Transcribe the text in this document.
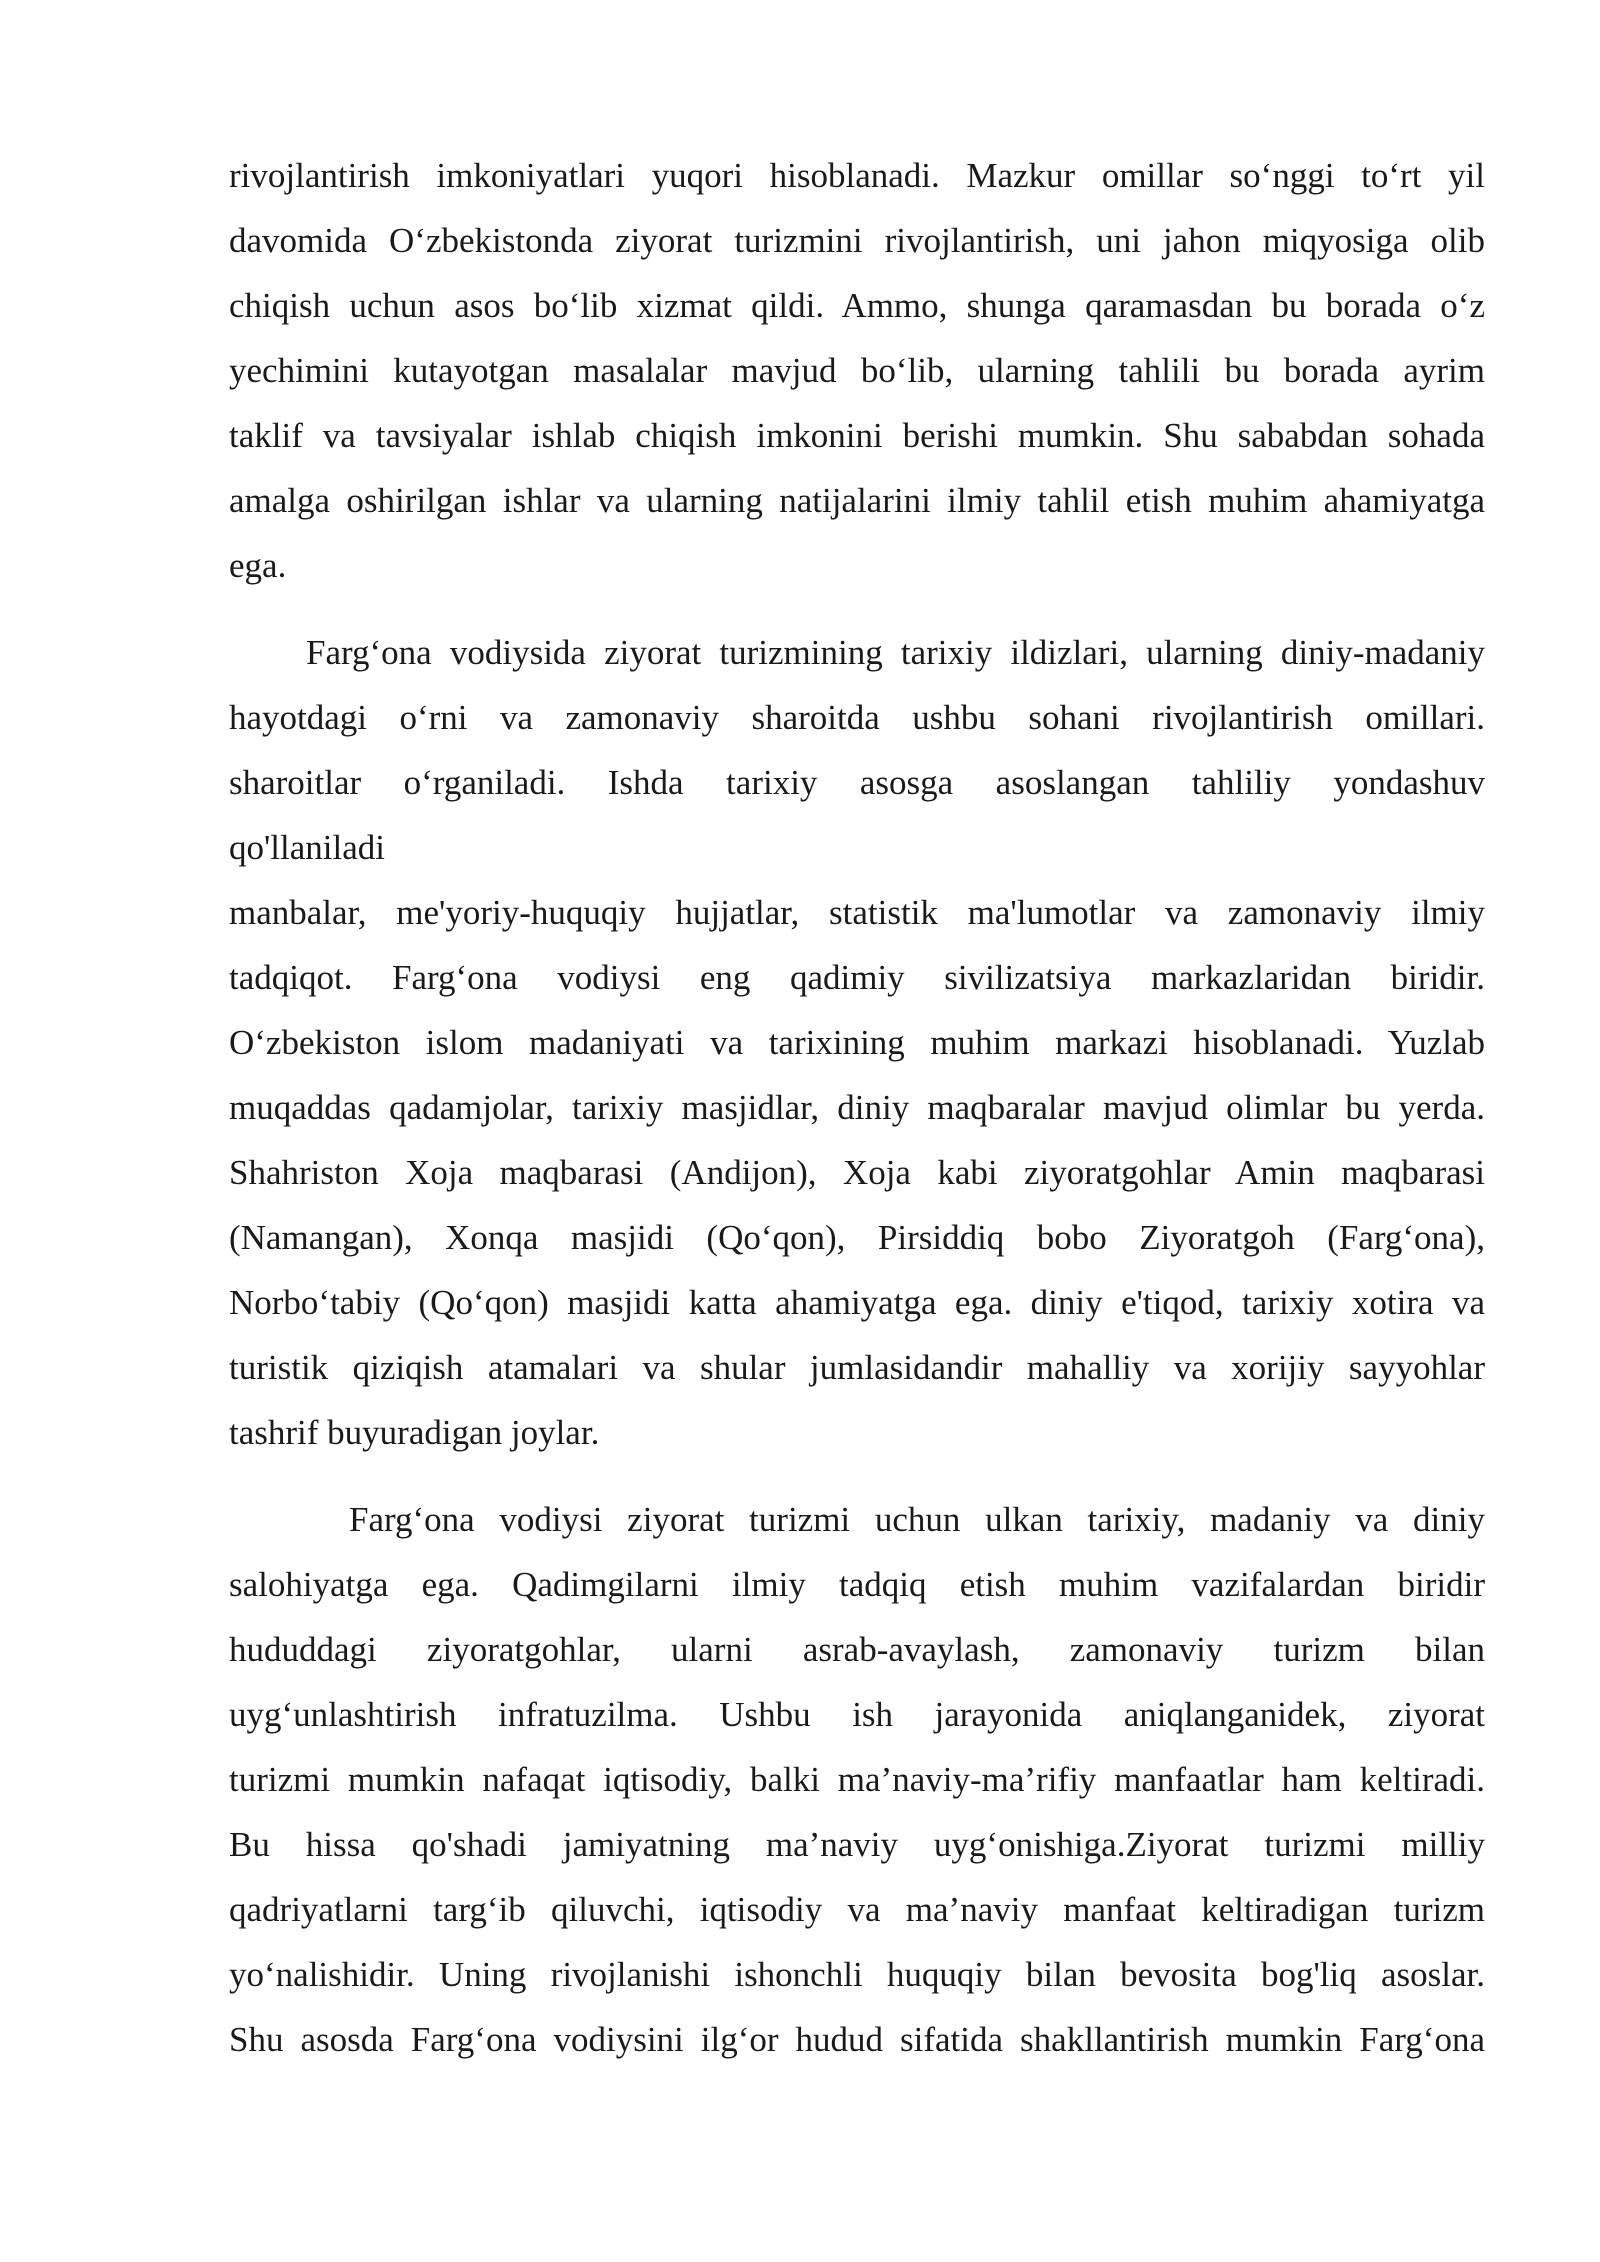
rivojlantirish imkoniyatlari yuqori hisoblanadi. Mazkur omillar so‘nggi to‘rt yil
davomida O‘zbekistonda ziyorat turizmini rivojlantirish, uni jahon miqyosiga olib
chiqish uchun asos bo‘lib xizmat qildi. Ammo, shunga qaramasdan bu borada o‘z
yechimini kutayotgan masalalar mavjud bo‘lib, ularning tahlili bu borada ayrim
taklif va tavsiyalar ishlab chiqish imkonini berishi mumkin. Shu sababdan sohada
amalga oshirilgan ishlar va ularning natijalarini ilmiy tahlil etish muhim ahamiyatga
ega.
Farg‘ona vodiysida ziyorat turizmining tarixiy ildizlari, ularning diniy-madaniy
hayotdagi o‘rni va zamonaviy sharoitda ushbu sohani rivojlantirish omillari.
sharoitlar o‘rganiladi. Ishda tarixiy asosga asoslangan tahliliy yondashuv
qo'llaniladi
manbalar, me'yoriy-huquqiy hujjatlar, statistik ma'lumotlar va zamonaviy ilmiy
tadqiqot. Farg‘ona vodiysi eng qadimiy sivilizatsiya markazlaridan biridir.
O‘zbekiston islom madaniyati va tarixining muhim markazi hisoblanadi. Yuzlab
muqaddas qadamjolar, tarixiy masjidlar, diniy maqbaralar mavjud olimlar bu yerda.
Shahriston Xoja maqbarasi (Andijon), Xoja kabi ziyoratgohlar Amin maqbarasi
(Namangan), Xonqa masjidi (Qo‘qon), Pirsiddiq bobo Ziyoratgoh (Farg‘ona),
Norbo‘tabiy (Qo‘qon) masjidi katta ahamiyatga ega. diniy e'tiqod, tarixiy xotira va
turistik qiziqish atamalari va shular jumlasidandir mahalliy va xorijiy sayyohlar
tashrif buyuradigan joylar.
Farg‘ona vodiysi ziyorat turizmi uchun ulkan tarixiy, madaniy va diniy
salohiyatga ega. Qadimgilarni ilmiy tadqiq etish muhim vazifalardan biridir
hududdagi ziyoratgohlar, ularni asrab-avaylash, zamonaviy turizm bilan
uyg‘unlashtirish infratuzilma. Ushbu ish jarayonida aniqlanganidek, ziyorat
turizmi mumkin nafaqat iqtisodiy, balki ma’naviy-ma’rifiy manfaatlar ham keltiradi.
Bu hissa qo'shadi jamiyatning ma’naviy uyg‘onishiga.Ziyorat turizmi milliy
qadriyatlarni targ‘ib qiluvchi, iqtisodiy va ma’naviy manfaat keltiradigan turizm
yo‘nalishidir. Uning rivojlanishi ishonchli huquqiy bilan bevosita bog'liq asoslar.
Shu asosda Farg‘ona vodiysini ilg‘or hudud sifatida shakllantirish mumkin Farg‘ona
